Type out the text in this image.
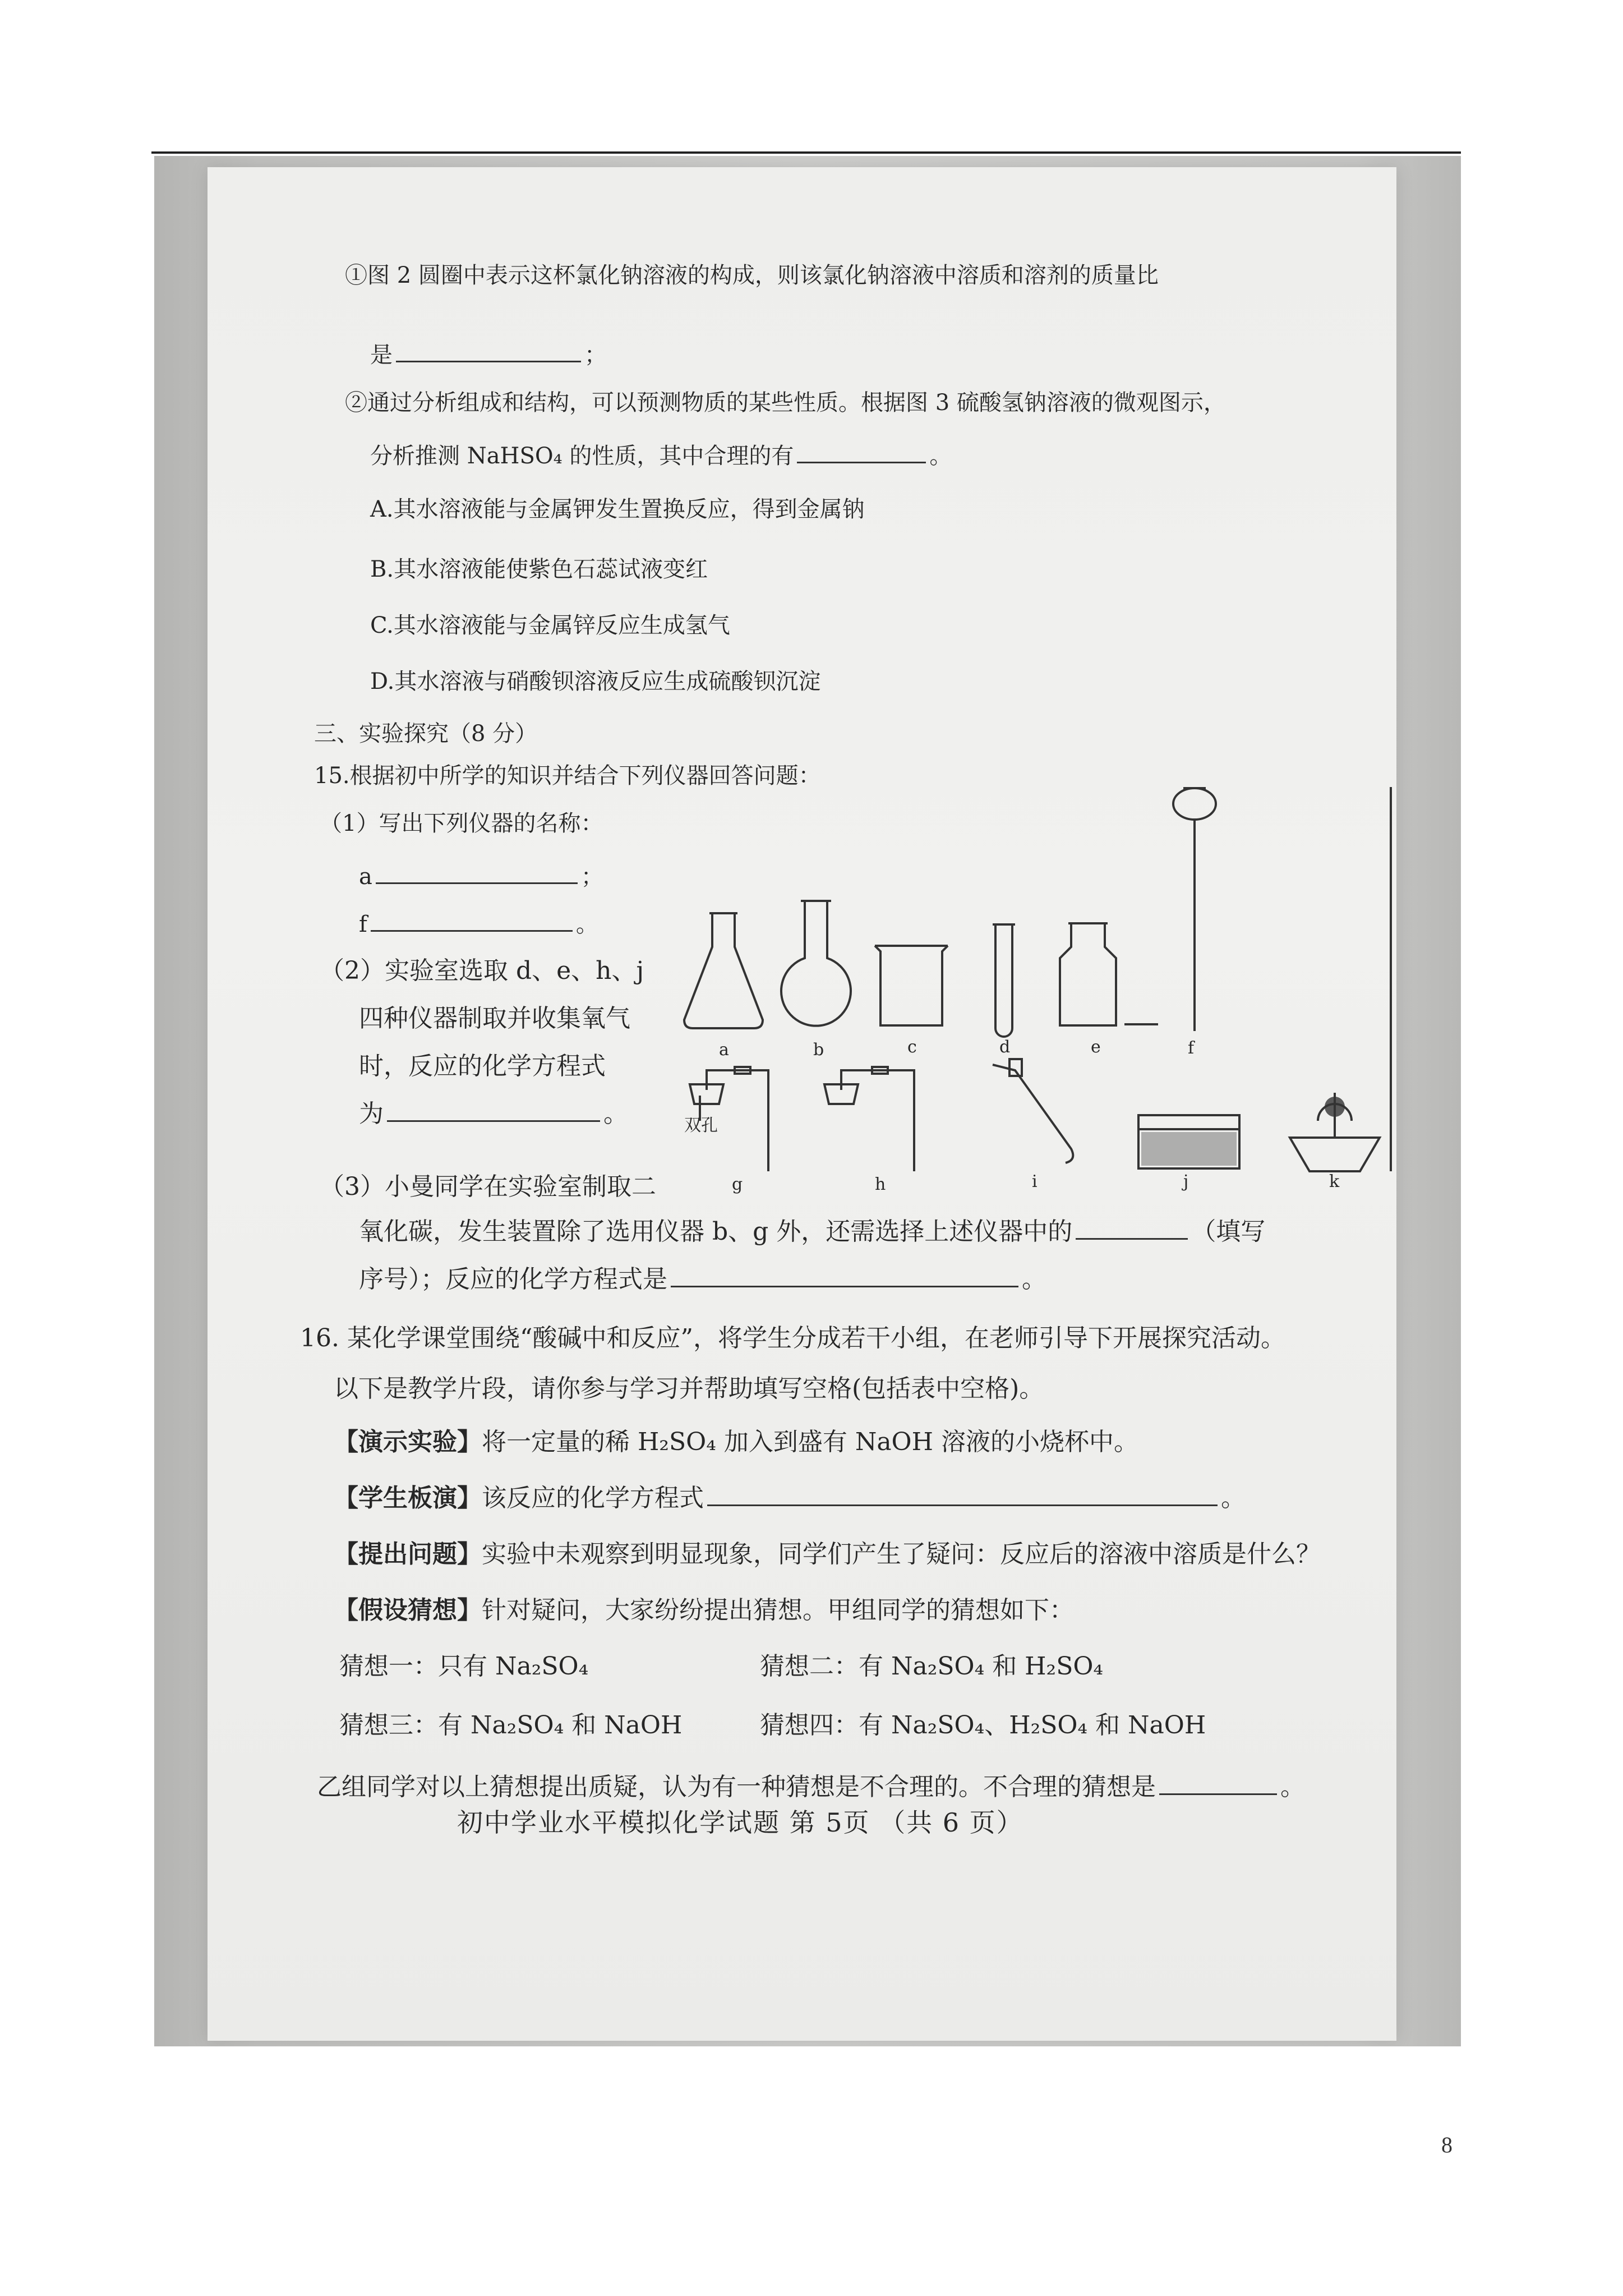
①图 2 圆圈中表示这杯氯化钠溶液的构成，则该氯化钠溶液中溶质和溶剂的质量比
是	；
②通过分析组成和结构，可以预测物质的某些性质。根据图 3 硫酸氢钠溶液的微观图示，
分析推测 NaHSO₄ 的性质，其中合理的有	。
A.其水溶液能与金属钾发生置换反应，得到金属钠
B.其水溶液能使紫色石蕊试液变红
C.其水溶液能与金属锌反应生成氢气
D.其水溶液与硝酸钡溶液反应生成硫酸钡沉淀
三、实验探究（8 分）
15.根据初中所学的知识并结合下列仪器回答问题：
（1）写出下列仪器的名称：
a	；
f	。
（2）实验室选取 d、e、h、j
四种仪器制取并收集氧气
时，反应的化学方程式
为	。
（3）小曼同学在实验室制取二
氧化碳，发生装置除了选用仪器 b、g 外，还需选择上述仪器中的	（填写
序号）；反应的化学方程式是	。
a	b	c	d	e	f
双孔
g	h	i	j	k
16. 某化学课堂围绕“酸碱中和反应”，将学生分成若干小组，在老师引导下开展探究活动。
以下是教学片段，请你参与学习并帮助填写空格(包括表中空格)。
【演示实验】将一定量的稀 H₂SO₄ 加入到盛有 NaOH 溶液的小烧杯中。
【学生板演】该反应的化学方程式	。
【提出问题】实验中未观察到明显现象，同学们产生了疑问：反应后的溶液中溶质是什么？
【假设猜想】针对疑问，大家纷纷提出猜想。甲组同学的猜想如下：
猜想一：只有 Na₂SO₄	猜想二：有 Na₂SO₄ 和 H₂SO₄
猜想三：有 Na₂SO₄ 和 NaOH	猜想四：有 Na₂SO₄、H₂SO₄ 和 NaOH
乙组同学对以上猜想提出质疑，认为有一种猜想是不合理的。不合理的猜想是	。
初中学业水平模拟化学试题 第 5页 （共 6 页）
8
